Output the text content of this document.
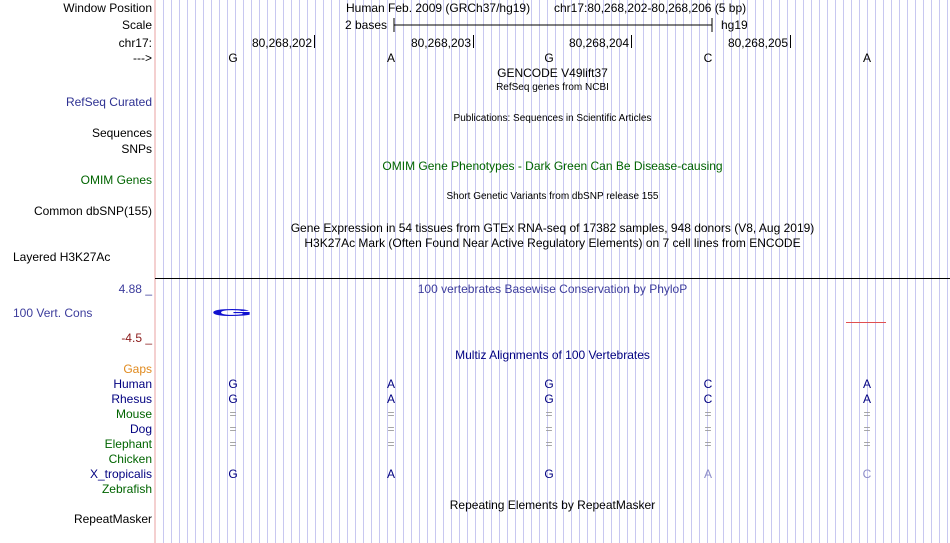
Window Position	Human Feb. 2009 (GRCh37/hg19) chr17:80,268,202-80,268,206 (5 bp)
Scale	2 bases	hg19
chr17:	80,268,202	80,268,203	80,268,204	80,268,205
--->	G	A	G	C	A
GENCODE V49lift37
RefSeq genes from NCBI
RefSeq Curated
Publications: Sequences in Scientific Articles
Sequences
SNPs
OMIM Gene Phenotypes - Dark Green Can Be Disease-causing
OMIM Genes
Short Genetic Variants from dbSNP release 155
Common dbSNP(155)
Gene Expression in 54 tissues from GTEx RNA-seq of 17382 samples, 948 donors (V8, Aug 2019)
H3K27Ac Mark (Often Found Near Active Regulatory Elements) on 7 cell lines from ENCODE
Layered H3K27Ac
4.88 _	100 vertebrates Basewise Conservation by PhyloP
100 Vert. Cons	G
-4.5 _
Multiz Alignments of 100 Vertebrates
Gaps
Human	G	A	G	C	A
Rhesus	G	A	G	C	A
Mouse	=	=	=	=	=
Dog	=	=	=	=	=
Elephant	=	=	=	=	=
Chicken
X_tropicalis	G	A	G	A	C
Zebrafish
Repeating Elements by RepeatMasker
RepeatMasker
